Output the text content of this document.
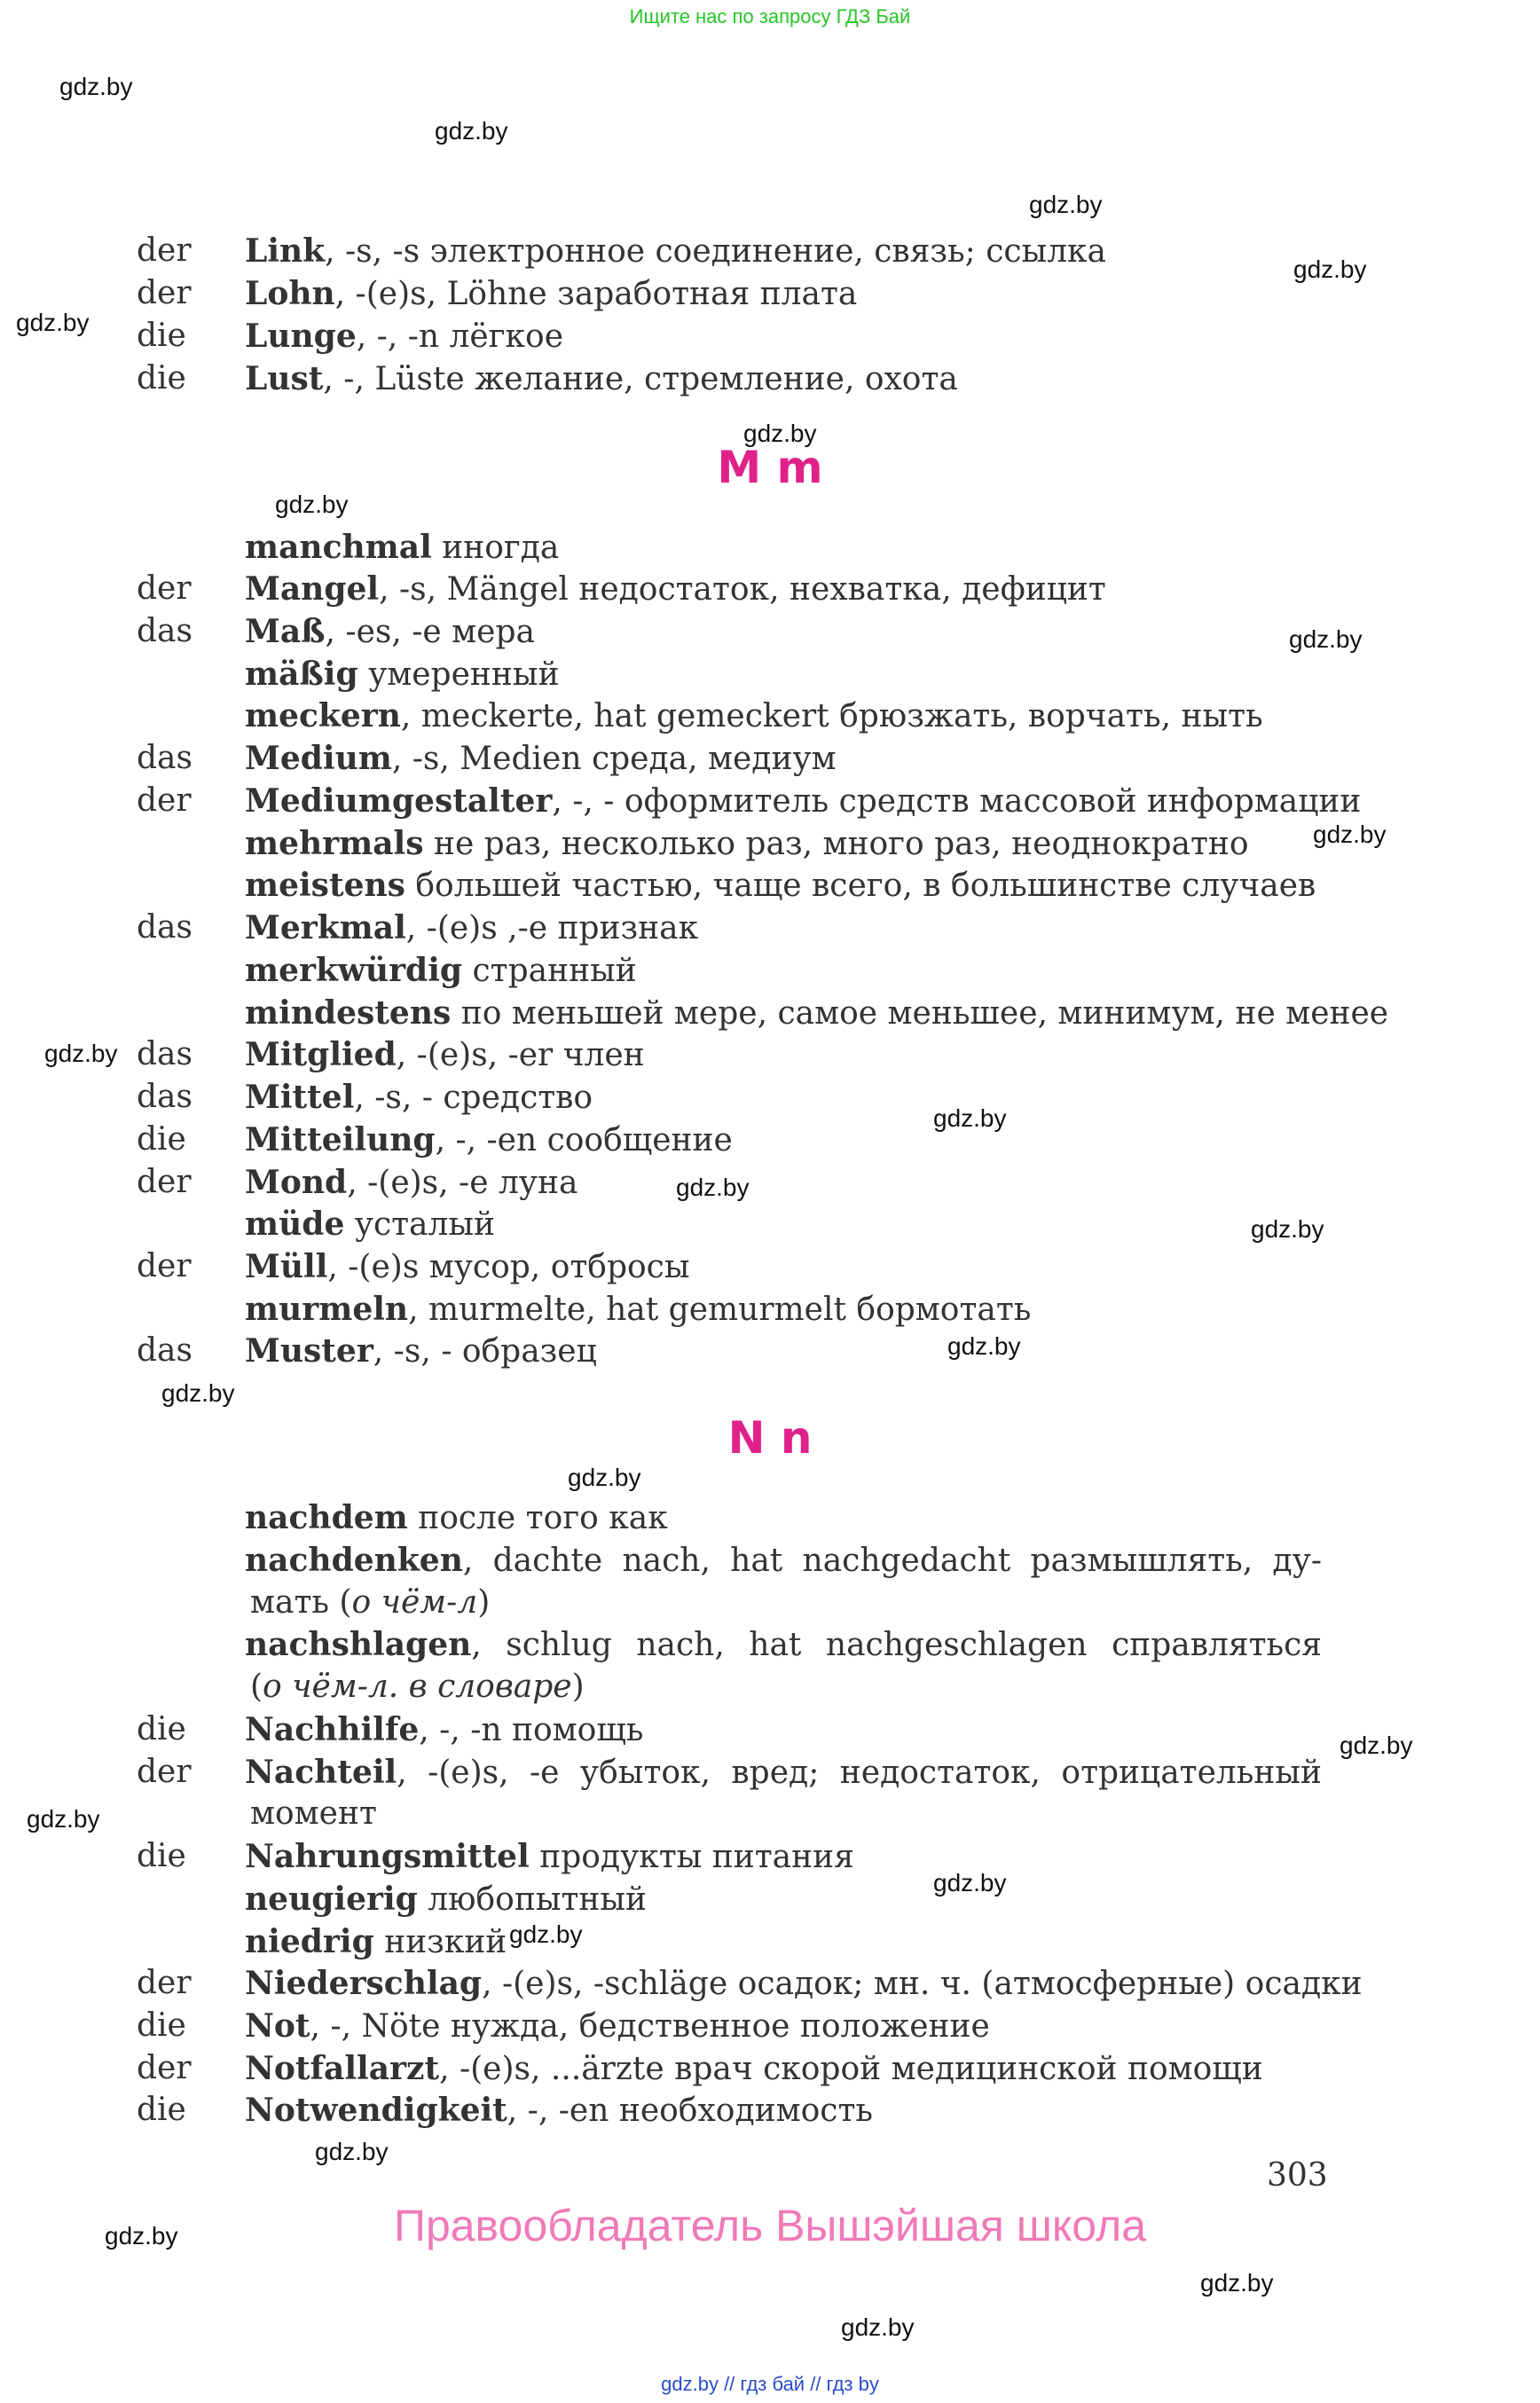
Ищите нас по запросу ГДЗ Бай
gdz.by
gdz.by
gdz.by
gdz.by
gdz.by
gdz.by
gdz.by
gdz.by
gdz.by
gdz.by
gdz.by
gdz.by
gdz.by
gdz.by
gdz.by
gdz.by
gdz.by
gdz.by
gdz.by
gdz.by
gdz.by
gdz.by
gdz.by
gdz.by
der Link, -s, -s электронное соединение, связь; ссылка
der Lohn, -(e)s, Löhne заработная плата
die Lunge, -, -n лёгкое
die Lust, -, Lüste желание, стремление, охота
M m
manchmal иногда
der Mangel, -s, Mängel недостаток, нехватка, дефицит
das Maß, -es, -e мера
mäßig умеренный
meckern, meckerte, hat gemeckert брюзжать, ворчать, ныть
das Medium, -s, Medien среда, медиум
der Mediumgestalter, -, - оформитель средств массовой информации
mehrmals не раз, несколько раз, много раз, неоднократно
meistens большей частью, чаще всего, в большинстве случаев
das Merkmal, -(e)s ,-e признак
merkwürdig странный
mindestens по меньшей мере, самое меньшее, минимум, не менее
das Mitglied, -(e)s, -er член
das Mittel, -s, - средство
die Mitteilung, -, -en сообщение
der Mond, -(e)s, -e луна
müde усталый
der Müll, -(e)s мусор, отбросы
murmeln, murmelte, hat gemurmelt бормотать
das Muster, -s, - образец
N n
nachdem после того как
nachdenken, dachte nach, hat nachgedacht размышлять, ду-
мать (о чём-л)
nachshlagen, schlug nach, hat nachgeschlagen справляться
(о чём-л. в словаре)
die Nachhilfe, -, -n помощь
der Nachteil, -(e)s, -e убыток, вред; недостаток, отрицательный
момент
die Nahrungsmittel продукты питания
neugierig любопытный
niedrig низкий
der Niederschlag, -(e)s, -schläge осадок; мн. ч. (атмосферные) осадки
die Not, -, Nöte нужда, бедственное положение
der Notfallarzt, -(e)s, ...ärzte врач скорой медицинской помощи
die Notwendigkeit, -, -en необходимость
303
Правообладатель Вышэйшая школа
gdz.by // гдз бай // гдз by
